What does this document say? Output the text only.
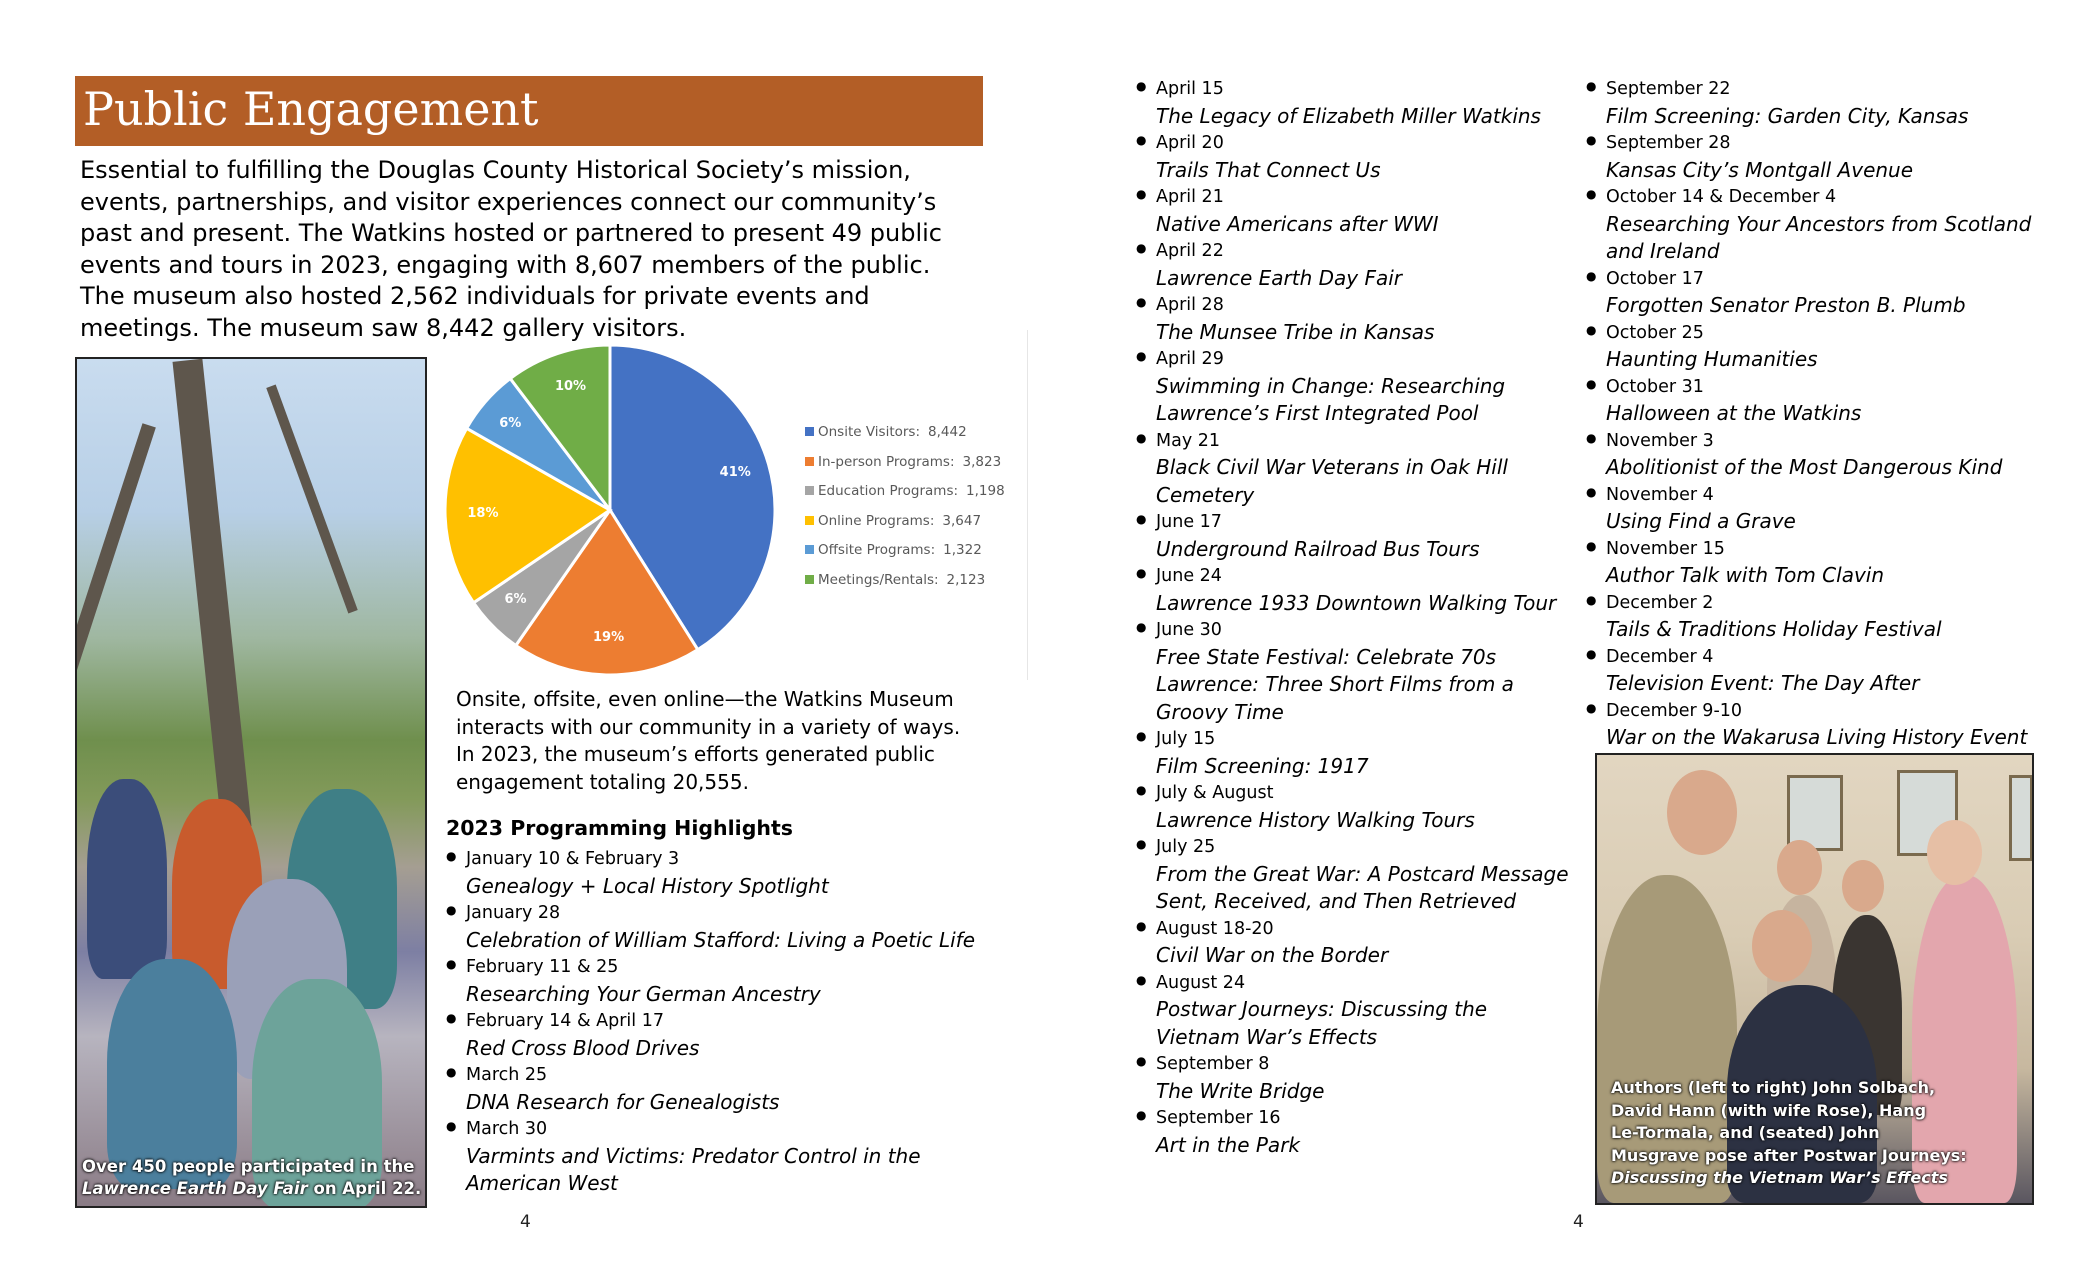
Public Engagement
Essential to fulfilling the Douglas County Historical Society’s mission, events, partnerships, and visitor experiences connect our community’s past and present. The Watkins hosted or partnered to present 49 public events and tours in 2023, engaging with 8,607 members of the public. The museum also hosted 2,562 individuals for private events and meetings. The museum saw 8,442 gallery visitors.
Over 450 people participated in the
Lawrence Earth Day Fair on April 22.
41%
19%
6%
18%
6%
10%
Onsite Visitors: 8,442
In-person Programs: 3,823
Education Programs: 1,198
Online Programs: 3,647
Offsite Programs: 1,322
Meetings/Rentals: 2,123
Onsite, offsite, even online—the Watkins Museum interacts with our community in a variety of ways. In 2023, the museum’s efforts generated public engagement totaling 20,555.
2023 Programming Highlights
● January 10 & February 3
Genealogy + Local History Spotlight
● January 28
Celebration of William Stafford: Living a Poetic Life
● February 11 & 25
Researching Your German Ancestry
● February 14 & April 17
Red Cross Blood Drives
● March 25
DNA Research for Genealogists
● March 30
Varmints and Victims: Predator Control in the American West
● April 15
The Legacy of Elizabeth Miller Watkins
● April 20
Trails That Connect Us
● April 21
Native Americans after WWI
● April 22
Lawrence Earth Day Fair
● April 28
The Munsee Tribe in Kansas
● April 29
Swimming in Change: Researching Lawrence’s First Integrated Pool
● May 21
Black Civil War Veterans in Oak Hill Cemetery
● June 17
Underground Railroad Bus Tours
● June 24
Lawrence 1933 Downtown Walking Tour
● June 30
Free State Festival: Celebrate 70s Lawrence: Three Short Films from a Groovy Time
● July 15
Film Screening: 1917
● July & August
Lawrence History Walking Tours
● July 25
From the Great War: A Postcard Message Sent, Received, and Then Retrieved
● August 18-20
Civil War on the Border
● August 24
Postwar Journeys: Discussing the Vietnam War’s Effects
● September 8
The Write Bridge
● September 16
Art in the Park
● September 22
Film Screening: Garden City, Kansas
● September 28
Kansas City’s Montgall Avenue
● October 14 & December 4
Researching Your Ancestors from Scotland and Ireland
● October 17
Forgotten Senator Preston B. Plumb
● October 25
Haunting Humanities
● October 31
Halloween at the Watkins
● November 3
Abolitionist of the Most Dangerous Kind
● November 4
Using Find a Grave
● November 15
Author Talk with Tom Clavin
● December 2
Tails & Traditions Holiday Festival
● December 4
Television Event: The Day After
● December 9-10
War on the Wakarusa Living History Event
Authors (left to right) John Solbach,
David Hann (with wife Rose), Hang
Le-Tormala, and (seated) John
Musgrave pose after Postwar Journeys:
Discussing the Vietnam War’s Effects
4	4
